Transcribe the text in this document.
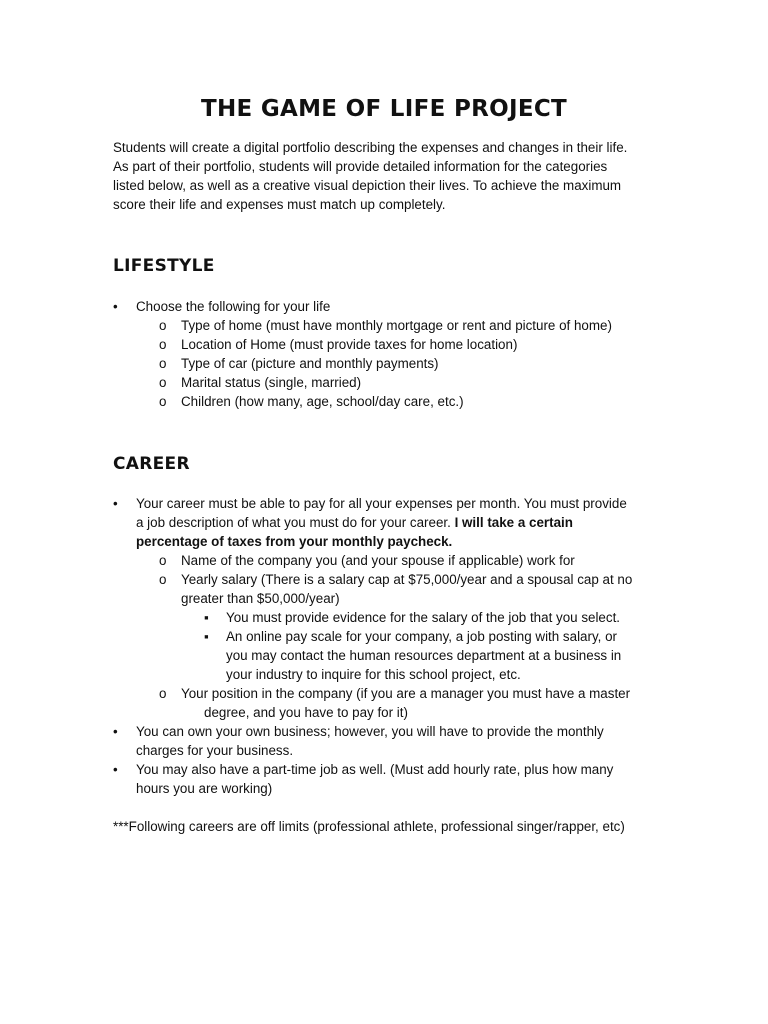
THE GAME OF LIFE PROJECT

Students will create a digital portfolio describing the expenses and changes in their life.
As part of their portfolio, students will provide detailed information for the categories
listed below, as well as a creative visual depiction their lives. To achieve the maximum
score their life and expenses must match up completely.

LIFESTYLE
• Choose the following for your life
o Type of home (must have monthly mortgage or rent and picture of home)
o Location of Home (must provide taxes for home location)
o Type of car (picture and monthly payments)
o Marital status (single, married)
o Children (how many, age, school/day care, etc.)
CAREER
• Your career must be able to pay for all your expenses per month. You must provide
a job description of what you must do for your career. I will take a certain
percentage of taxes from your monthly paycheck.
o Name of the company you (and your spouse if applicable) work for
o Yearly salary (There is a salary cap at $75,000/year and a spousal cap at no
greater than $50,000/year)
▪ You must provide evidence for the salary of the job that you select.
▪ An online pay scale for your company, a job posting with salary, or
you may contact the human resources department at a business in
your industry to inquire for this school project, etc.
o Your position in the company (if you are a manager you must have a master
degree, and you have to pay for it)
• You can own your own business; however, you will have to provide the monthly
charges for your business.
• You may also have a part-time job as well. (Must add hourly rate, plus how many
hours you are working)
***Following careers are off limits (professional athlete, professional singer/rapper, etc)
